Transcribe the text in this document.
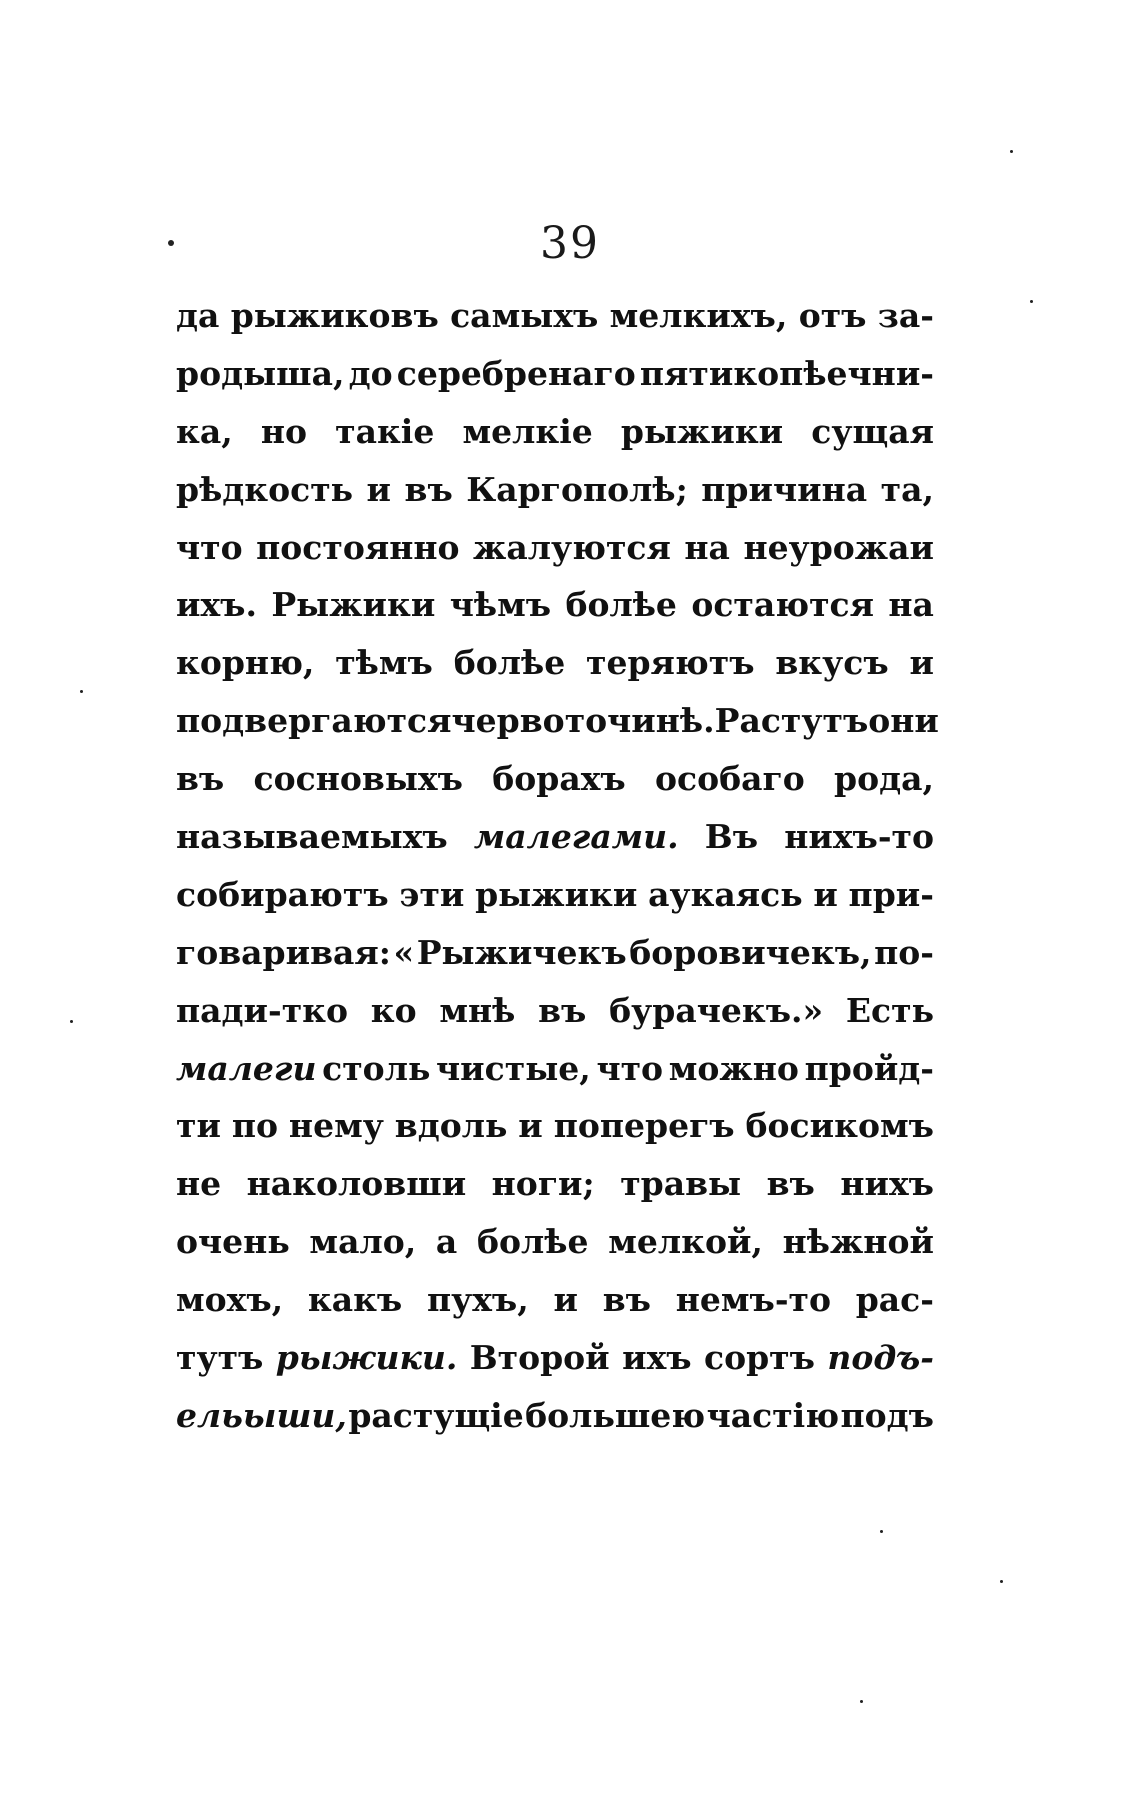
39
да рыжиковъ самыхъ мелкихъ, отъ за-
родыша, до серебренаго пятикопѣечни-
ка, но такіе мелкіе рыжики сущая
рѣдкость и въ Каргополѣ; причина та,
что постоянно жалуются на неурожаи
ихъ. Рыжики чѣмъ болѣе остаются на
корню, тѣмъ болѣе теряютъ вкусъ и
подвергаются червоточинѣ. Растутъ они
въ сосновыхъ борахъ особаго рода,
называемыхъ малегами. Въ нихъ-то
собираютъ эти рыжики аукаясь и при-
говаривая: « Рыжичекъ боровичекъ, по-
пади-тко ко мнѣ въ бурачекъ.» Есть
малеги столь чистые, что можно пройд-
ти по нему вдоль и поперегъ босикомъ
не наколовши ноги; травы въ нихъ
очень мало, а болѣе мелкой, нѣжной
мохъ, какъ пухъ, и въ немъ-то рас-
тутъ рыжики. Второй ихъ сортъ подъ-
ельыши, растущіе большею частію подъ
